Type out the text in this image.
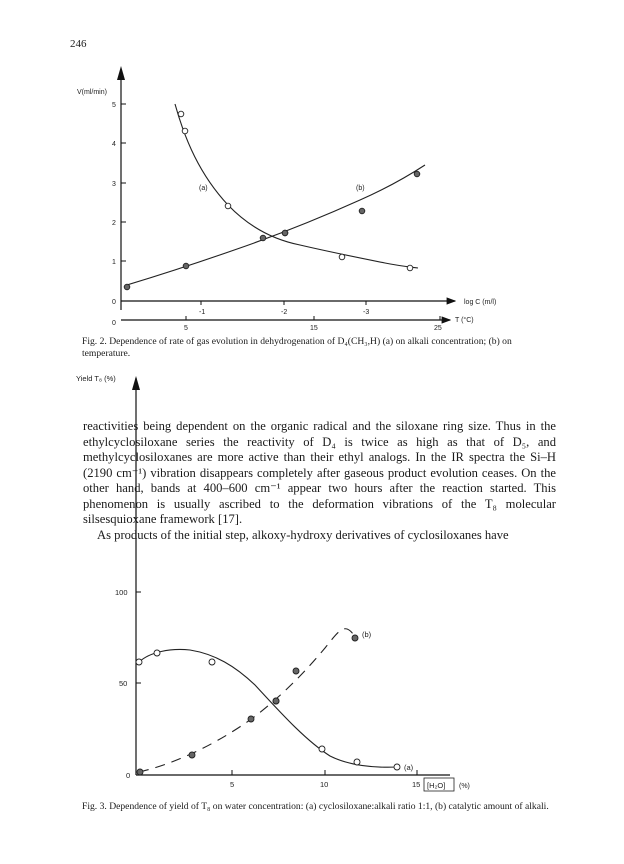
246
V(ml/min)
1
2
3
4
5
0
-1	-2	-3
log C (m/l)
0
5	15	25
T (°C)
(a)	(b)
Yield T₈ (%)
100
50
0
5	10	15 [H₂O] (%)
(b)
(a)
Fig. 2. Dependence of rate of gas evolution in dehydrogenation of D₄(CH₃,H) (a) on alkali concentration; (b) on temperature.

reactivities being dependent on the organic radical and the siloxane ring size. Thus in the ethylcyclosiloxane series the reactivity of D₄ is twice as high as that of D₅, and methylcyclosiloxanes are more active than their ethyl analogs. In the IR spectra the Si–H (2190 cm⁻¹) vibration disappears completely after gaseous product evolution ceases. On the other hand, bands at 400–600 cm⁻¹ appear two hours after the reaction started. This phenomenon is usually ascribed to the deformation vibrations of the T₈ molecular silsesquioxane framework [17].

As products of the initial step, alkoxy-hydroxy derivatives of cyclosiloxanes have

Fig. 3. Dependence of yield of T₈ on water concentration: (a) cyclosiloxane:alkali ratio 1:1, (b) catalytic amount of alkali.
